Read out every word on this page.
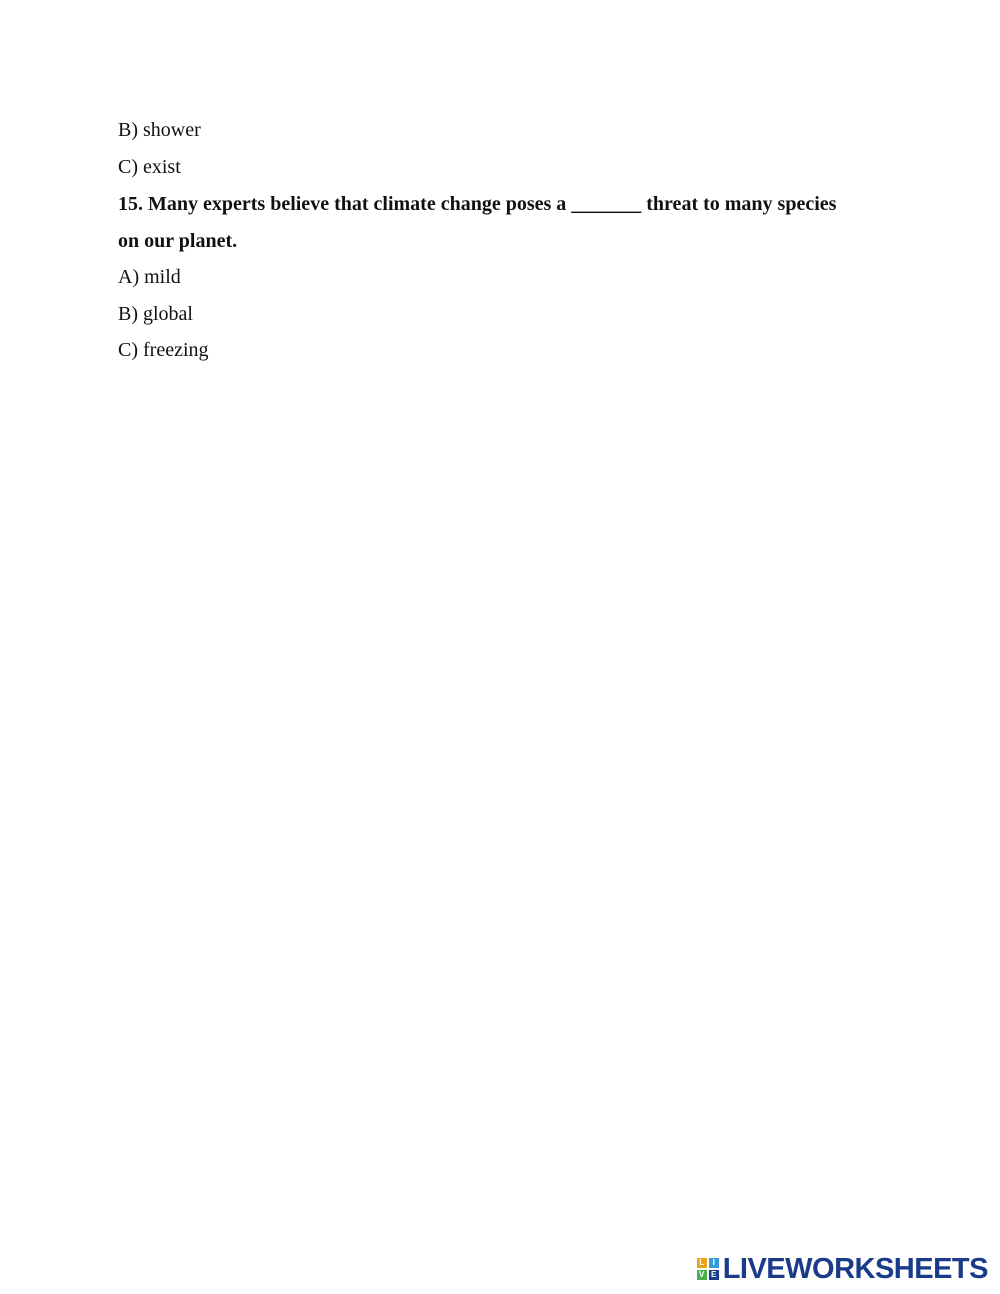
B) shower
C) exist
15. Many experts believe that climate change poses a _______ threat to many species
on our planet.
A) mild
B) global
C) freezing
L	I
V E LIVEWORKSHEETS
